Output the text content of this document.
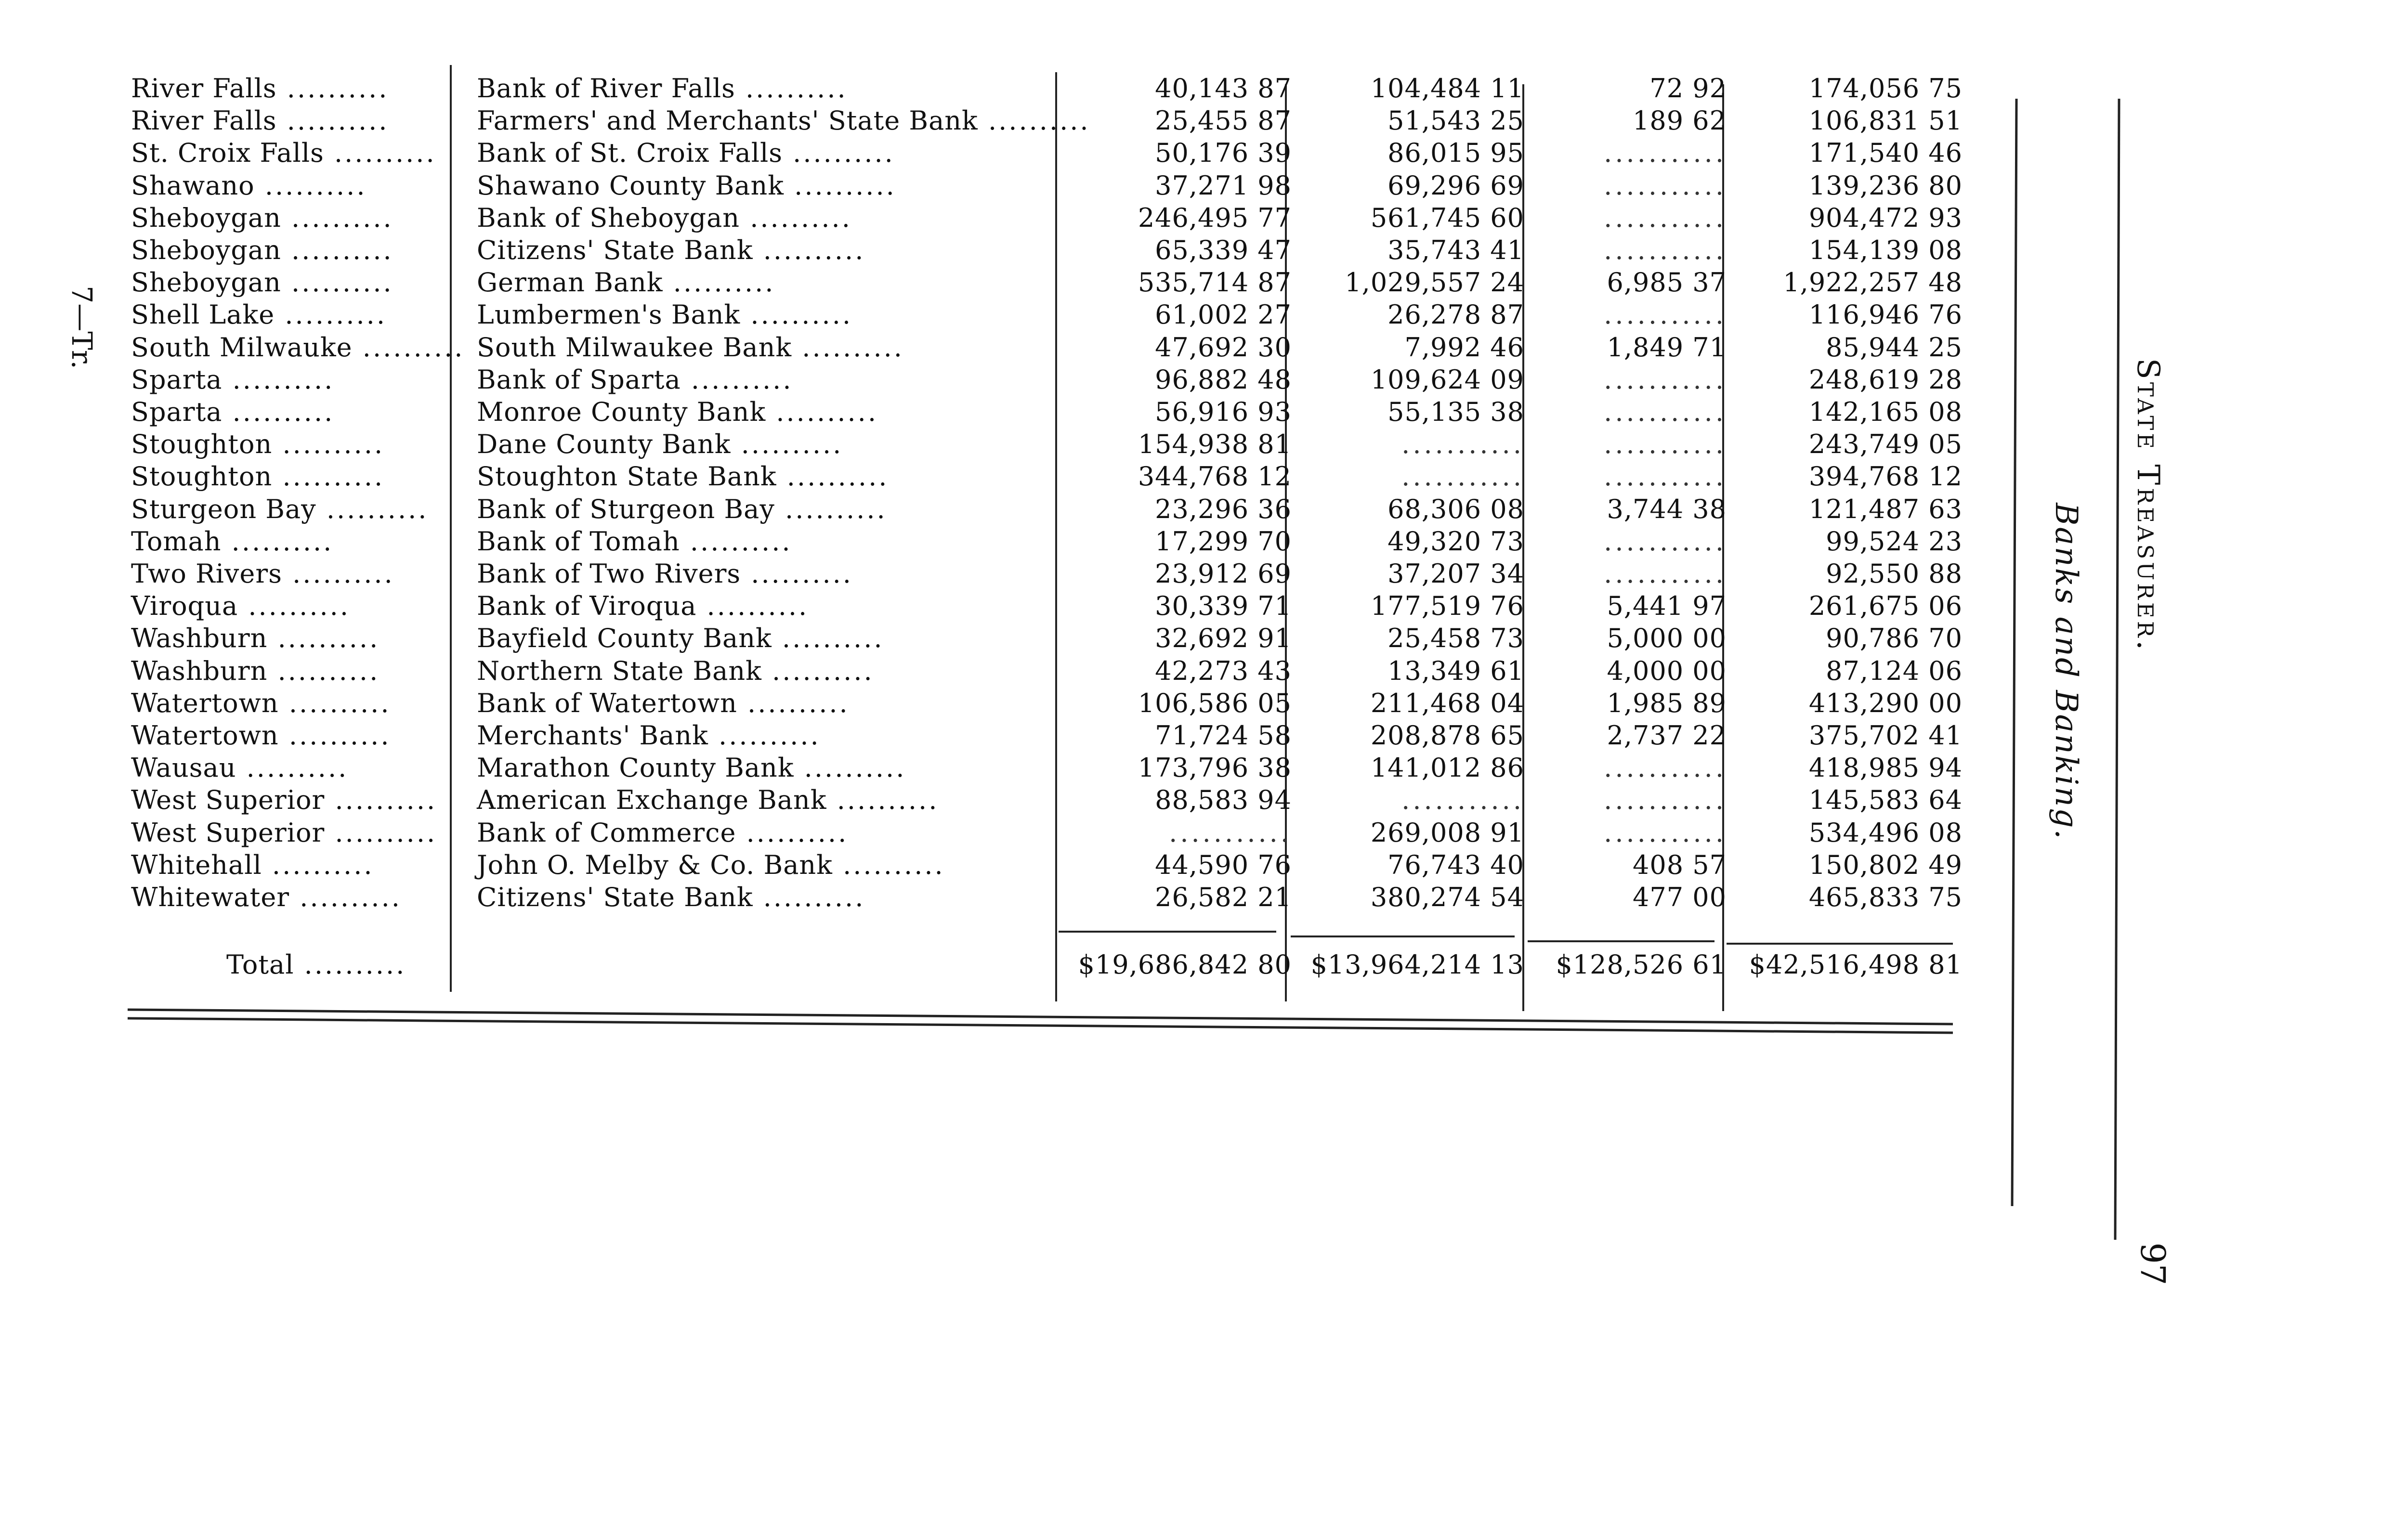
River Falls ..........	Bank of River Falls ..........	40,143 87	104,484 11	72 92	174,056 75
River Falls ..........	Farmers' and Merchants' State Bank ..........	25,455 87	51,543 25	189 62	106,831 51
St. Croix Falls .......... Bank of St. Croix Falls ..........	50,176 39	86,015 95	...........	171,540 46
Shawano ..........	Shawano County Bank ..........	37,271 98	69,296 69	...........	139,236 80
Sheboygan ..........	Bank of Sheboygan ..........	246,495 77	561,745 60	...........	904,472 93
Sheboygan ..........	Citizens' State Bank ..........	65,339 47	35,743 41	...........	154,139 08
Sheboygan ..........	German Bank ..........	535,714 87	1,029,557 24	6,985 37	1,922,257 48
Shell Lake ..........	Lumbermen's Bank ..........	61,002 27	26,278 87	...........	116,946 76
South Milwauke .......... South Milwaukee Bank ..........	47,692 30	7,992 46	1,849 71	85,944 25
Sparta ..........	Bank of Sparta ..........	96,882 48	109,624 09	...........	248,619 28
Sparta ..........	Monroe County Bank ..........	56,916 93	55,135 38	...........	142,165 08
Stoughton ..........	Dane County Bank ..........	154,938 81	...........	...........	243,749 05
Stoughton ..........	Stoughton State Bank ..........	344,768 12	...........	...........	394,768 12
Sturgeon Bay ..........	Bank of Sturgeon Bay ..........	23,296 36	68,306 08	3,744 38	121,487 63
Tomah ..........	Bank of Tomah ..........	17,299 70	49,320 73	...........	99,524 23
Two Rivers ..........	Bank of Two Rivers ..........	23,912 69	37,207 34	...........	92,550 88
Viroqua ..........	Bank of Viroqua ..........	30,339 71	177,519 76	5,441 97	261,675 06
Washburn ..........	Bayfield County Bank ..........	32,692 91	25,458 73	5,000 00	90,786 70
Washburn ..........	Northern State Bank ..........	42,273 43	13,349 61	4,000 00	87,124 06
Watertown ..........	Bank of Watertown ..........	106,586 05	211,468 04	1,985 89	413,290 00
Watertown ..........	Merchants' Bank ..........	71,724 58	208,878 65	2,737 22	375,702 41
Wausau ..........	Marathon County Bank ..........	173,796 38	141,012 86	...........	418,985 94
West Superior .......... American Exchange Bank ..........	88,583 94	...........	...........	145,583 64
West Superior .......... Bank of Commerce ..........	...........	269,008 91	...........	534,496 08
Whitehall ..........	John O. Melby & Co. Bank ..........	44,590 76	76,743 40	408 57	150,802 49
Whitewater ..........	Citizens' State Bank ..........	26,582 21	380,274 54	477 00	465,833 75
Total ..........	$19,686,842 80 $13,964,214 13	$128,526 61 $42,516,498 81
State Treasurer.
Banks and Banking.
97
7—Tr.
